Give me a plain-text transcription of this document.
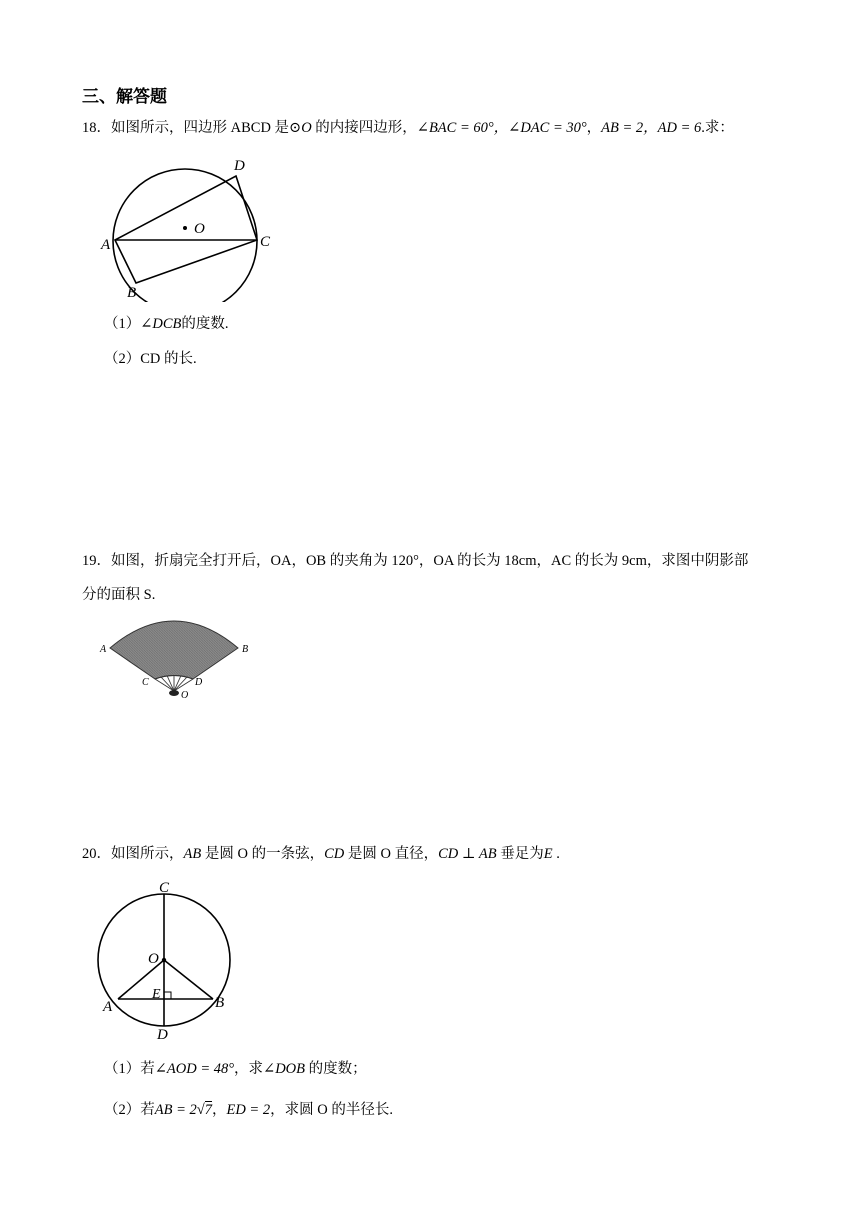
三、解答题
18．如图所示，四边形 ABCD 是⊙O 的内接四边形，∠BAC = 60°，∠DAC = 30°，AB = 2，AD = 6.求：
O
A
B
C
D
（1）∠DCB的度数.
（2）CD 的长.
19．如图，折扇完全打开后，OA，OB 的夹角为 120°，OA 的长为 18cm，AC 的长为 9cm，求图中阴影部
分的面积 S.
A	B
C	D
O
20．如图所示，AB 是圆 O 的一条弦，CD 是圆 O 直径，CD ⊥ AB 垂足为E .
C
O
E
A	B
D
（1）若∠AOD = 48°，求∠DOB 的度数；
（2）若AB = 2√7，ED = 2，求圆 O 的半径长.
